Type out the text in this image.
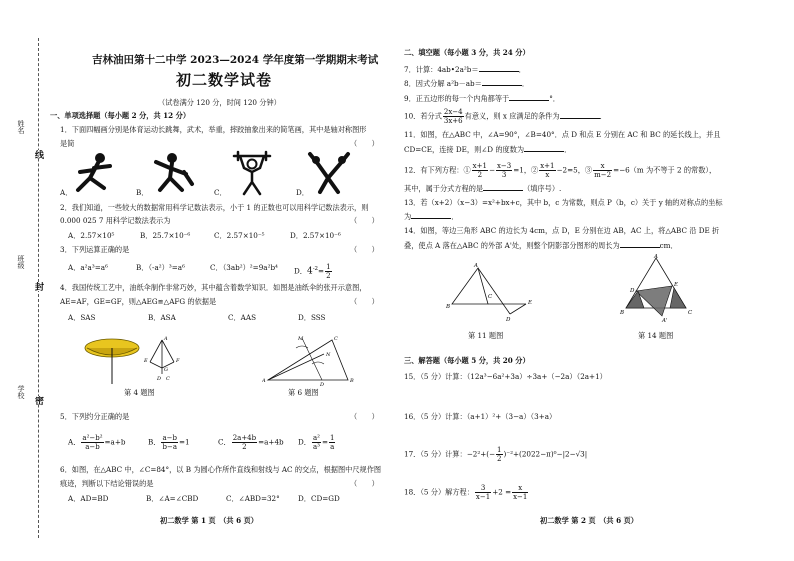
姓名
班级
学校
线
封
密
吉林油田第十二中学 2023—2024 学年度第一学期期末考试
初二数学试卷
（试卷满分 120 分，时间 120 分钟）
一、单项选择题（每小题 2 分，共 12 分）
1．下面四幅画分别是体育运动长跳舞，武术，举重，摔跤抽象出来的简笔画，其中是轴对称图形
是简	（　　）
A．	B．	C．	D．
2．我们知道，一些较大的数据常用科学记数法表示，小于 1 的正数也可以用科学记数法表示，则
0.000 025 7 用科学记数法表示为	（　　）
A．2.57×10⁵	B．25.7×10⁻⁶	C．2.57×10⁻⁵	D．2.57×10⁻⁶
3．下列运算正确的是	（　　）
A．a²a³=a⁶	B．（-a²）³=a⁶	C．（3ab²）²=9a²b⁴ D．$4^{-2}= \frac{1}{2}$
4．我国传统工艺中，油纸伞制作非常巧妙，其中蕴含着数学知识．如图是油纸伞的张开示意图，
AE=AF，GE=GF，则△AEG≌△AFG 的依据是	（　　）
A．SAS	B．ASA	C．AAS	D．SSS
A
E	F
G
D C
第 4 题图
A	B
C
D
M
N
第 6 题图
5．下列约分正确的是	（　　）
A． $\frac{\text{a²−b²}}{a-b} =a+b$	B． $\frac{a-b}{b-a} =1$	C． $\frac{2a+4b}{2} =a+4b$ D． $\frac{\text{a²}}{\text{a³}} = \frac{1}{a}$
6．如图，在△ABC 中，∠C=84°，以 B 为圆心作所作直线和射线与 AC 的交点，根据图中尺规作图
痕迹，判断以下结论错误的是	（　　）
A．AD=BD	B．∠A=∠CBD	C．∠ABD=32°	D．CD=GD
初二数学 第 1 页　（共 6 页）
二、填空题（每小题 3 分，共 24 分）
7．计算：4ab•2a²b＝	．
8．因式分解 a²b－ab＝	．
9．正五边形的每一个内角都等于	°．
10．若分式 $\frac{2x-4}{3x+6}$ 有意义，则 x 应满足的条件为	．
11．如图，在△ABC 中，∠A=90°，∠B=40°．点 D 和点 E 分别在 AC 和 BC 的延长线上，并且
CD=CE，连接 DE，则∠D 的度数为	．
12．有下列方程：① $\frac{x+1}{2} - \frac{x-3}{3} =1$，② $\frac{x+1}{x} -2=5$，③ $\frac{x}{m-2} =-6(m$ 为不等于 2 的常数），
其中，属于分式方程的是	（填序号）.
13．若（x+2）（x−3）=x²+bx+c，其中 b，c 为常数，则点 P（b，c）关于 y 轴的对称点的坐标
为	．
14．如图，等边三角形 ABC 的边长为 4cm，点 D，E 分别在边 AB，AC 上，将△ABC 沿 DE 折
叠，使点 A 落在△ABC 的外部 A'处，则整个阴影部分图形的周长为	cm．
A
B
C
D
E
第 11 题图
A
B	C
D
E
A'
第 14 题图
三、解答题（每小题 5 分，共 20 分）
15．（5 分）计算：（12a³−6a²+3a）÷3a+（−2a）（2a+1）
16．（5 分）计算：（a+1）²+（3−a）（3+a）
17．（5 分）计算：$-2^2+(- \frac{1}{2} )^{-2}+(2022-\pi)^0-|2-√3|$
18．（5 分）解方程： $\frac{3}{x-1} +2 = \frac{x}{x-1}$
初二数学 第 2 页　（共 6 页）
